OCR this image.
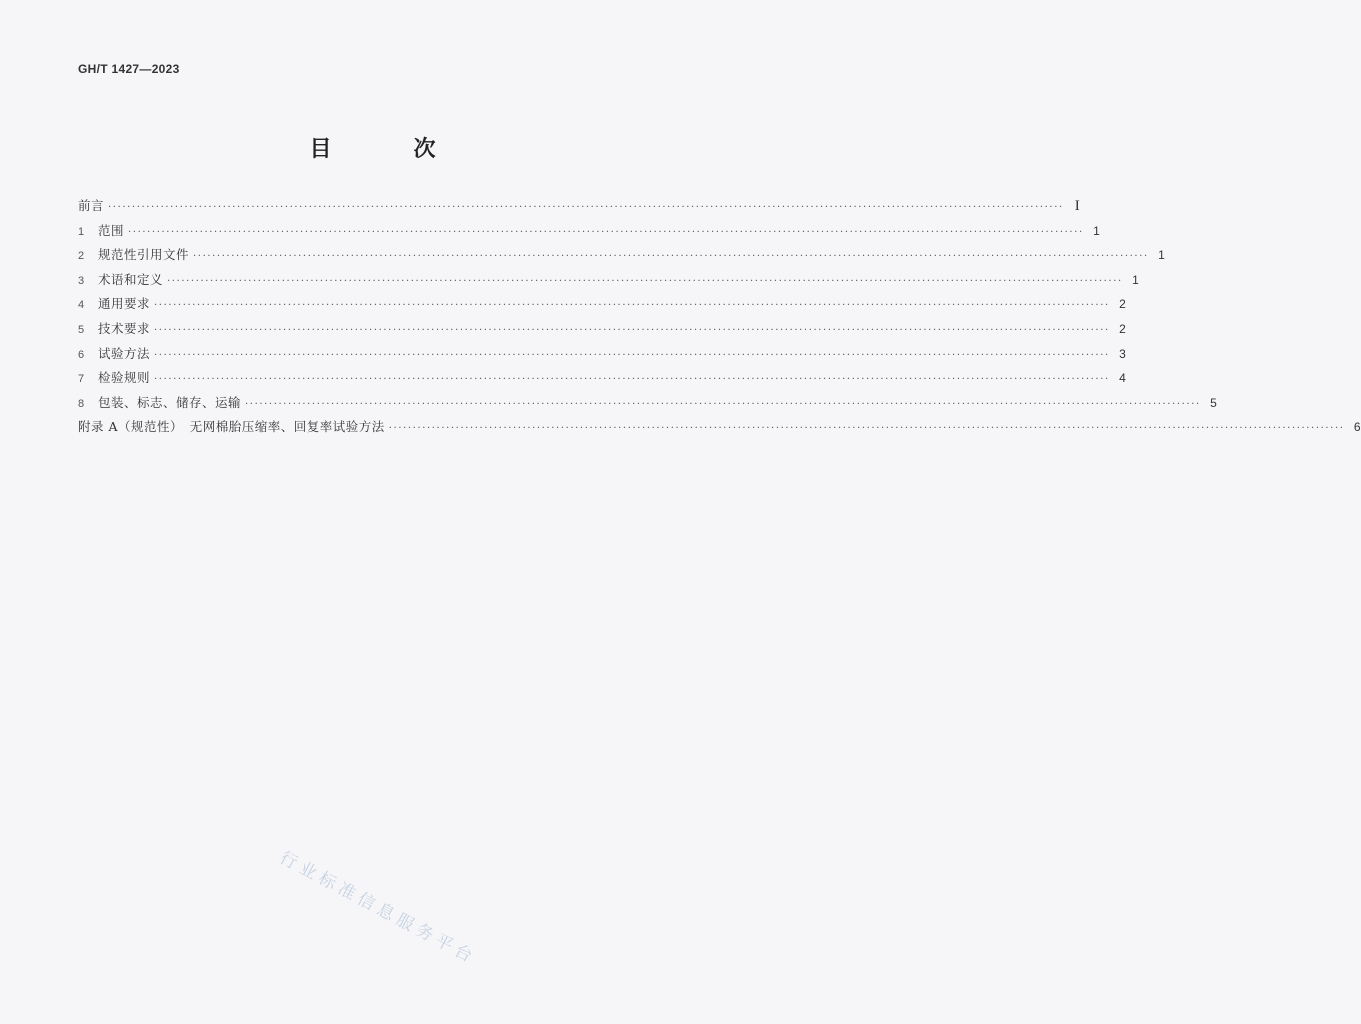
GH/T 1427—2023
目　次
前言 ········································································································································································································ I
1	范围 ········································································································································································································ 1
2	规范性引用文件 ········································································································································································································ 1
3	术语和定义 ········································································································································································································ 1
4	通用要求 ········································································································································································································ 2
5	技术要求 ········································································································································································································ 2
6	试验方法 ········································································································································································································ 3
7	检验规则 ········································································································································································································ 4
8	包装、标志、储存、运输 ········································································································································································································ 5
附录 A（规范性）　无网棉胎压缩率、回复率试验方法 ········································································································································································································ 6
行业标准信息服务平台
